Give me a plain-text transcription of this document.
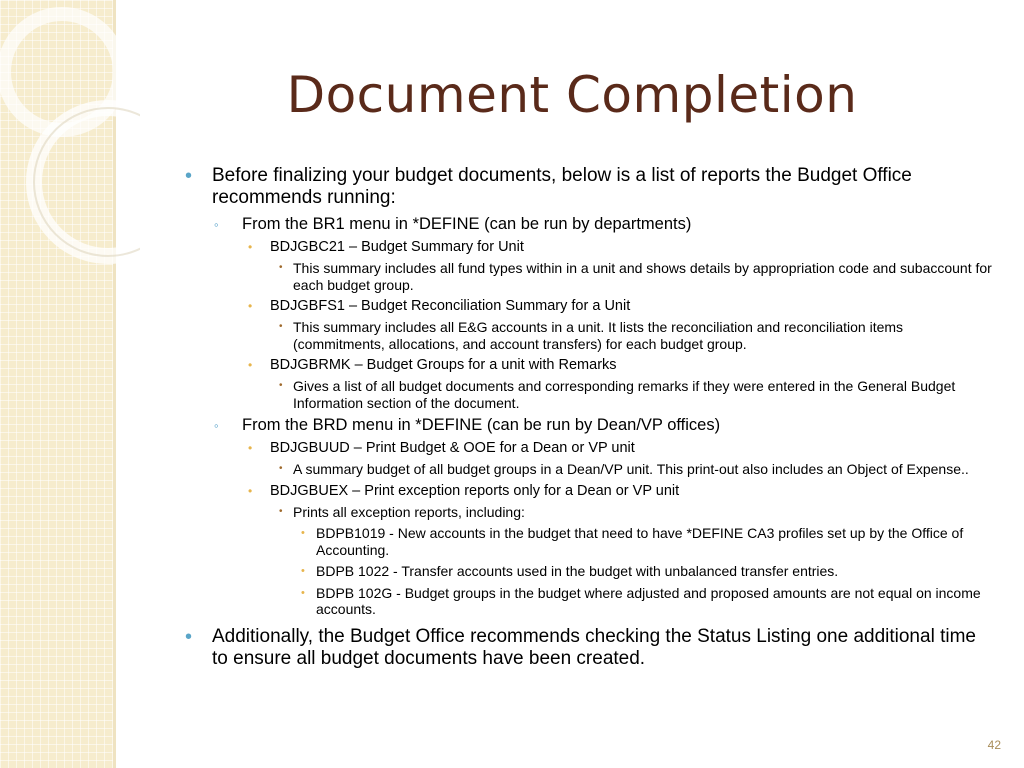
Document Completion
• Before finalizing your budget documents, below is a list of reports the Budget Office recommends running:
◦ From the BR1 menu in *DEFINE (can be run by departments)
• BDJGBC21 – Budget Summary for Unit
• This summary includes all fund types within in a unit and shows details by appropriation code and subaccount for each budget group.
• BDJGBFS1 – Budget Reconciliation Summary for a Unit
• This summary includes all E&G accounts in a unit. It lists the reconciliation and reconciliation items (commitments, allocations, and account transfers) for each budget group.
• BDJGBRMK – Budget Groups for a unit with Remarks
• Gives a list of all budget documents and corresponding remarks if they were entered in the General Budget Information section of the document.
◦ From the BRD menu in *DEFINE (can be run by Dean/VP offices)
• BDJGBUUD – Print Budget & OOE for a Dean or VP unit
• A summary budget of all budget groups in a Dean/VP unit. This print-out also includes an Object of Expense..
• BDJGBUEX – Print exception reports only for a Dean or VP unit
• Prints all exception reports, including:
• BDPB1019 - New accounts in the budget that need to have *DEFINE CA3 profiles set up by the Office of Accounting.
• BDPB 1022 - Transfer accounts used in the budget with unbalanced transfer entries.
• BDPB 102G - Budget groups in the budget where adjusted and proposed amounts are not equal on income accounts.
• Additionally, the Budget Office recommends checking the Status Listing one additional time to ensure all budget documents have been created.
42
